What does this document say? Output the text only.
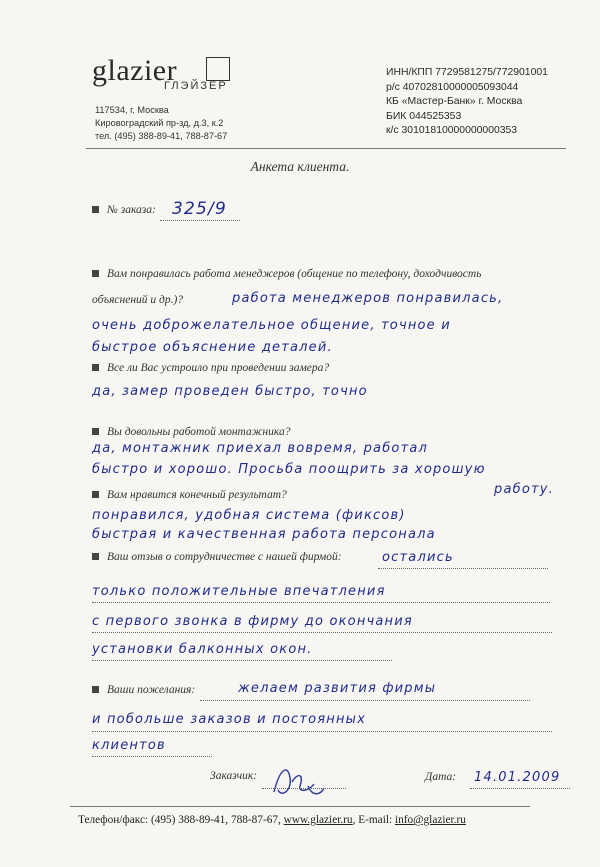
glazier
ГЛЭЙЗЕР
117534, г. Москва
Кировоградский пр-зд, д.3, к.2
тел. (495) 388-89-41, 788-87-67
ИНН/КПП 7729581275/772901001
р/с 40702810000005093044
КБ «Мастер-Банк» г. Москва
БИК 044525353
к/с 30101810000000000353
Анкета клиента.
№ заказа: 325/9
Вам понравилась работа менеджеров (общение по телефону, доходчивость
объяснений и др.)?	работа менеджеров понравилась,
очень доброжелательное общение, точное и
быстрое объяснение деталей.
Все ли Вас устроило при проведении замера?
да, замер проведен быстро, точно
Вы довольны работой монтажника?
да, монтажник приехал вовремя, работал
быстро и хорошо. Просьба поощрить за хорошую
работу.
Вам нравится конечный результат?
понравился, удобная система (фиксов)
быстрая и качественная работа персонала
Ваш отзыв о сотрудничестве с нашей фирмой:	остались
только положительные впечатления
с первого звонка в фирму до окончания
установки балконных окон.
Ваши пожелания:	желаем развития фирмы
и побольше заказов и постоянных
клиентов
Заказчик:	Дата: 14.01.2009
Телефон/факс: (495) 388-89-41, 788-87-67, www.glazier.ru, E-mail: info@glazier.ru
